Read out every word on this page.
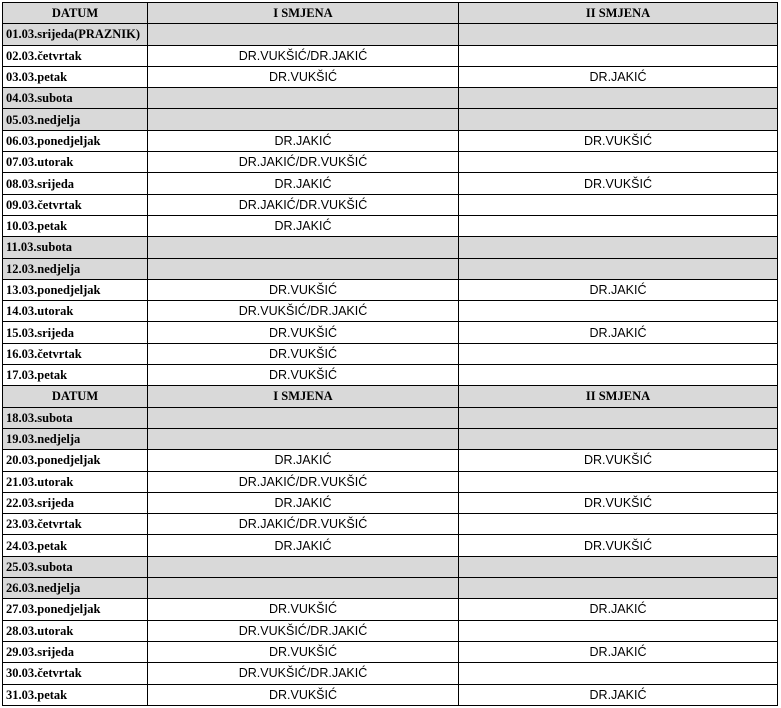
DATUM	I SMJENA	II SMJENA
01.03.srijeda(PRAZNIK)		
02.03.četvrtak	DR.VUKŠIĆ/DR.JAKIĆ	
03.03.petak	DR.VUKŠIĆ	DR.JAKIĆ
04.03.subota		
05.03.nedjelja		
06.03.ponedjeljak	DR.JAKIĆ	DR.VUKŠIĆ
07.03.utorak	DR.JAKIĆ/DR.VUKŠIĆ	
08.03.srijeda	DR.JAKIĆ	DR.VUKŠIĆ
09.03.četvrtak	DR.JAKIĆ/DR.VUKŠIĆ	
10.03.petak	DR.JAKIĆ	
11.03.subota		
12.03.nedjelja		
13.03.ponedjeljak	DR.VUKŠIĆ	DR.JAKIĆ
14.03.utorak	DR.VUKŠIĆ/DR.JAKIĆ	
15.03.srijeda	DR.VUKŠIĆ	DR.JAKIĆ
16.03.četvrtak	DR.VUKŠIĆ	
17.03.petak	DR.VUKŠIĆ	
DATUM	I SMJENA	II SMJENA
18.03.subota		
19.03.nedjelja		
20.03.ponedjeljak	DR.JAKIĆ	DR.VUKŠIĆ
21.03.utorak	DR.JAKIĆ/DR.VUKŠIĆ	
22.03.srijeda	DR.JAKIĆ	DR.VUKŠIĆ
23.03.četvrtak	DR.JAKIĆ/DR.VUKŠIĆ	
24.03.petak	DR.JAKIĆ	DR.VUKŠIĆ
25.03.subota		
26.03.nedjelja		
27.03.ponedjeljak	DR.VUKŠIĆ	DR.JAKIĆ
28.03.utorak	DR.VUKŠIĆ/DR.JAKIĆ	
29.03.srijeda	DR.VUKŠIĆ	DR.JAKIĆ
30.03.četvrtak	DR.VUKŠIĆ/DR.JAKIĆ	
31.03.petak	DR.VUKŠIĆ	DR.JAKIĆ
